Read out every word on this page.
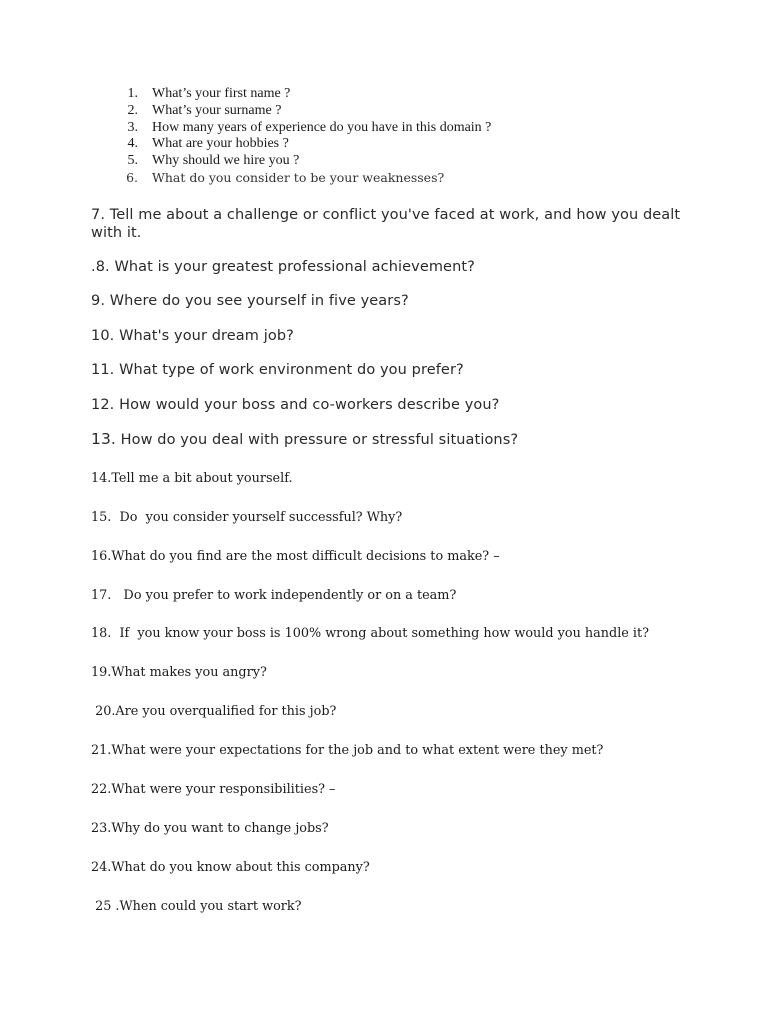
1. What’s your first name ?
2. What’s your surname ?
3. How many years of experience do you have in this domain ?
4. What are your hobbies ?
5. Why should we hire you ?
6. What do you consider to be your weaknesses?

7. Tell me about a challenge or conflict you've faced at work, and how you dealt with it.

.8. What is your greatest professional achievement?

9. Where do you see yourself in five years?

10. What's your dream job?

11. What type of work environment do you prefer?

12. How would your boss and co-workers describe you?

13. How do you deal with pressure or stressful situations?

14.Tell me a bit about yourself.

15.  Do  you consider yourself successful? Why?

16.What do you find are the most difficult decisions to make? –

17.   Do you prefer to work independently or on a team?

18.  If  you know your boss is 100% wrong about something how would you handle it?

19.What makes you angry?

20.Are you overqualified for this job?

21.What were your expectations for the job and to what extent were they met?

22.What were your responsibilities? –

23.Why do you want to change jobs?

24.What do you know about this company?

25 .When could you start work?
